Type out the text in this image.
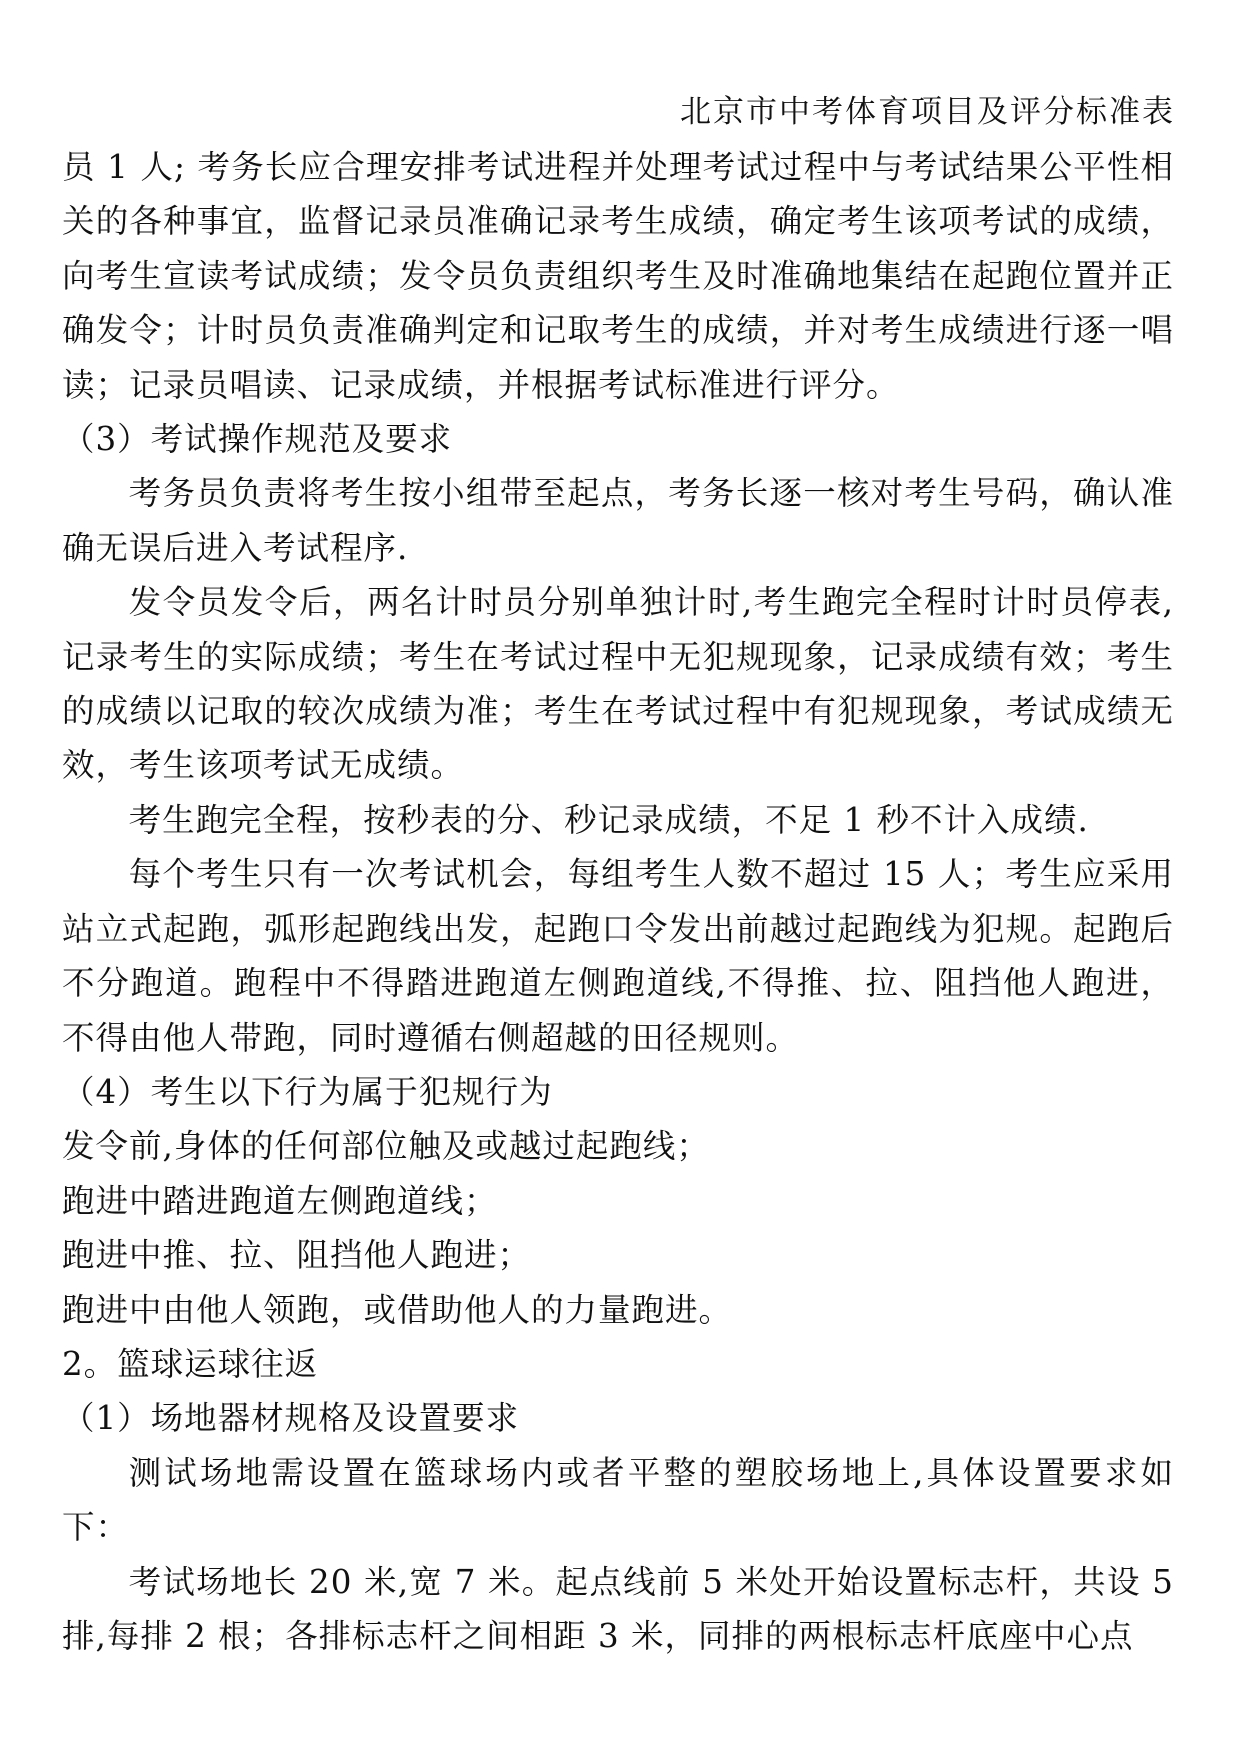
北京市中考体育项目及评分标准表

员 1 人; 考务长应合理安排考试进程并处理考试过程中与考试结果公平性相关的各种事宜，监督记录员准确记录考生成绩，确定考生该项考试的成绩，向考生宣读考试成绩；发令员负责组织考生及时准确地集结在起跑位置并正确发令；计时员负责准确判定和记取考生的成绩，并对考生成绩进行逐一唱读；记录员唱读、记录成绩，并根据考试标准进行评分。

（3）考试操作规范及要求

考务员负责将考生按小组带至起点，考务长逐一核对考生号码，确认准确无误后进入考试程序.

发令员发令后，两名计时员分别单独计时,考生跑完全程时计时员停表,记录考生的实际成绩；考生在考试过程中无犯规现象，记录成绩有效；考生的成绩以记取的较次成绩为准；考生在考试过程中有犯规现象，考试成绩无效，考生该项考试无成绩。

考生跑完全程，按秒表的分、秒记录成绩，不足 1 秒不计入成绩.

每个考生只有一次考试机会，每组考生人数不超过 15 人；考生应采用站立式起跑，弧形起跑线出发，起跑口令发出前越过起跑线为犯规。起跑后不分跑道。跑程中不得踏进跑道左侧跑道线,不得推、拉、阻挡他人跑进，不得由他人带跑，同时遵循右侧超越的田径规则。

（4）考生以下行为属于犯规行为

发令前,身体的任何部位触及或越过起跑线；

跑进中踏进跑道左侧跑道线；

跑进中推、拉、阻挡他人跑进；

跑进中由他人领跑，或借助他人的力量跑进。

2。篮球运球往返

（1）场地器材规格及设置要求

测试场地需设置在篮球场内或者平整的塑胶场地上,具体设置要求如下：

考试场地长 20 米,宽 7 米。起点线前 5 米处开始设置标志杆，共设 5 排,每排 2 根；各排标志杆之间相距 3 米，同排的两根标志杆底座中心点
